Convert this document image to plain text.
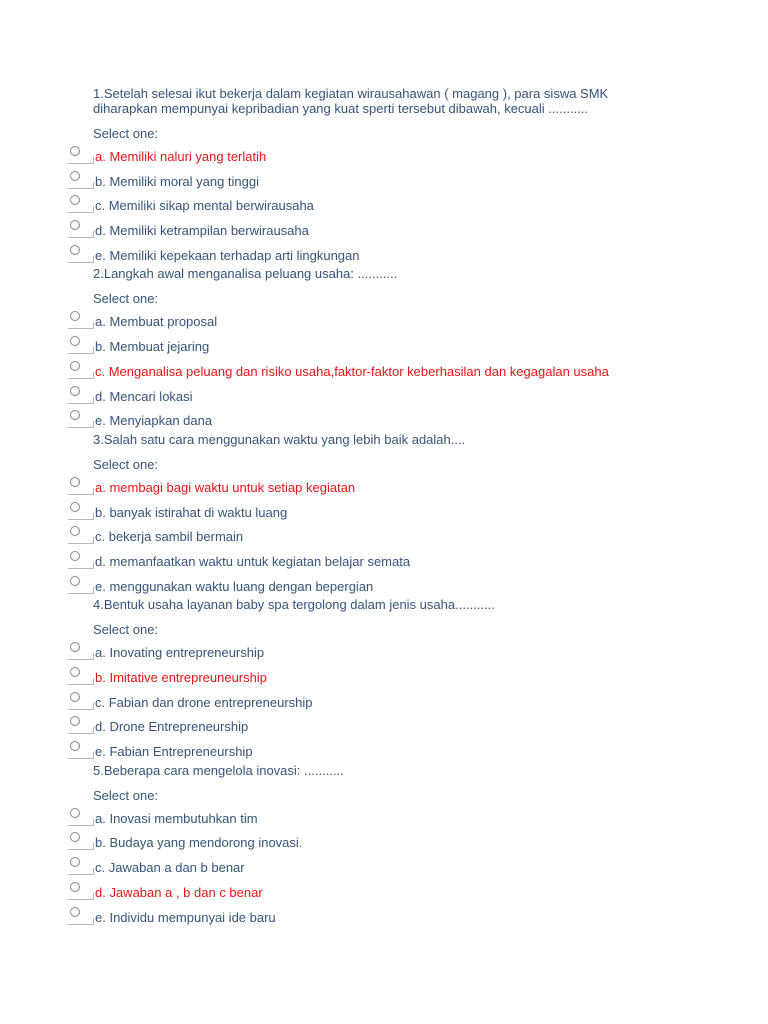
1.Setelah selesai ikut bekerja dalam kegiatan wirausahawan ( magang ), para siswa SMK diharapkan mempunyai kepribadian yang kuat sperti tersebut dibawah, kecuali ...........
Select one:
a. Memiliki naluri yang terlatih
b. Memiliki moral yang tinggi
c. Memiliki sikap mental berwirausaha
d. Memiliki ketrampilan berwirausaha
e. Memiliki kepekaan terhadap arti lingkungan
2.Langkah awal menganalisa peluang usaha: ...........
Select one:
a. Membuat proposal
b. Membuat jejaring
c. Menganalisa peluang dan risiko usaha,faktor-faktor keberhasilan dan kegagalan usaha
d. Mencari lokasi
e. Menyiapkan dana
3.Salah satu cara menggunakan waktu yang lebih baik adalah....
Select one:
a. membagi bagi waktu untuk setiap kegiatan
b. banyak istirahat di waktu luang
c. bekerja sambil bermain
d. memanfaatkan waktu untuk kegiatan belajar semata
e. menggunakan waktu luang dengan bepergian
4.Bentuk usaha layanan baby spa tergolong dalam jenis usaha...........
Select one:
a. Inovating entrepreneurship
b. Imitative entrepreuneurship
c. Fabian dan drone entrepreneurship
d. Drone Entrepreneurship
e. Fabian Entrepreneurship
5.Beberapa cara mengelola inovasi: ...........
Select one:
a. Inovasi membutuhkan tim
b. Budaya yang mendorong inovasi.
c. Jawaban a dan b benar
d. Jawaban a , b dan c benar
e. Individu mempunyai ide baru
